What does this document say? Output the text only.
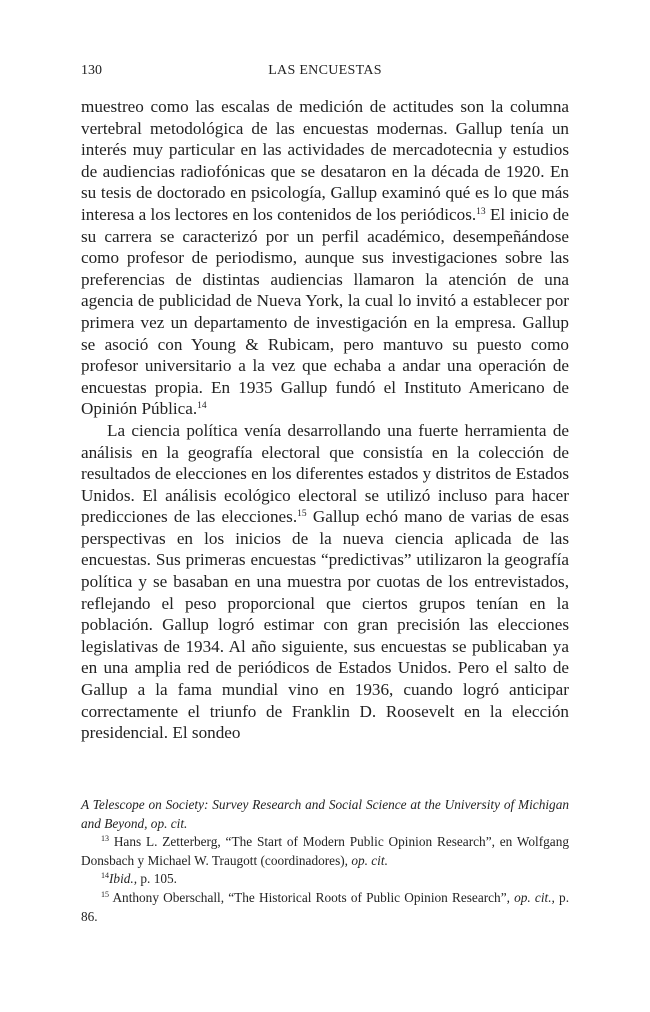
130	LAS ENCUESTAS

muestreo como las escalas de medición de actitudes son la columna vertebral metodológica de las encuestas modernas. Gallup tenía un interés muy particular en las actividades de mercadotecnia y estudios de audiencias radiofónicas que se desataron en la década de 1920. En su tesis de doctorado en psicología, Gallup examinó qué es lo que más interesa a los lectores en los contenidos de los periódicos.$^{13}$ El inicio de su carrera se caracterizó por un perfil académico, desempeñándose como profesor de periodismo, aunque sus investigaciones sobre las preferencias de distintas audiencias llamaron la atención de una agencia de publicidad de Nueva York, la cual lo invitó a establecer por primera vez un departamento de investigación en la empresa. Gallup se asoció con Young & Rubicam, pero mantuvo su puesto como profesor universitario a la vez que echaba a andar una operación de encuestas propia. En 1935 Gallup fundó el Instituto Americano de Opinión Pública.$^{14}$

La ciencia política venía desarrollando una fuerte herramienta de análisis en la geografía electoral que consistía en la colección de resultados de elecciones en los diferentes estados y distritos de Estados Unidos. El análisis ecológico electoral se utilizó incluso para hacer predicciones de las elecciones.$^{15}$ Gallup echó mano de varias de esas perspectivas en los inicios de la nueva ciencia aplicada de las encuestas. Sus primeras encuestas “predictivas” utilizaron la geografía política y se basaban en una muestra por cuotas de los entrevistados, reflejando el peso proporcional que ciertos grupos tenían en la población. Gallup logró estimar con gran precisión las elecciones legislativas de 1934. Al año siguiente, sus encuestas se publicaban ya en una amplia red de periódicos de Estados Unidos. Pero el salto de Gallup a la fama mundial vino en 1936, cuando logró anticipar correctamente el triunfo de Franklin D. Roosevelt en la elección presidencial. El sondeo

A Telescope on Society: Survey Research and Social Science at the University of Michigan and Beyond, op. cit.

$^{13}$ Hans L. Zetterberg, “The Start of Modern Public Opinion Research”, en Wolfgang Donsbach y Michael W. Traugott (coordinadores), op. cit.

$^{14}$Ibid., p. 105.

$^{15}$ Anthony Oberschall, “The Historical Roots of Public Opinion Research”, op. cit., p. 86.
